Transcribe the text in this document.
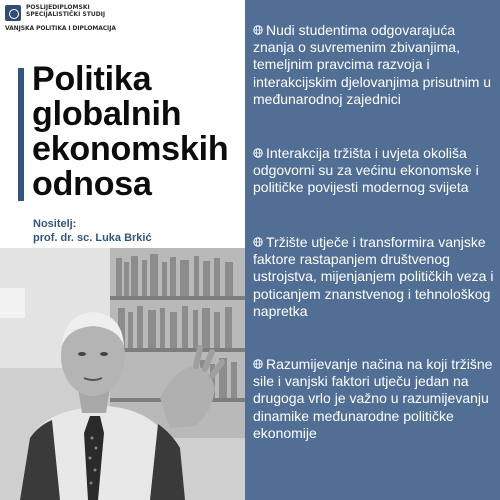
POSLIJEDIPLOMSKI
SPECIJALISTIČKI STUDIJ
VANJSKA POLITIKA I DIPLOMACIJA
Politika
globalnih
ekonomskih
odnosa
Nositelj:
prof. dr. sc. Luka Brkić
Nudi studentima odgovarajuća znanja o suvremenim zbivanjima, temeljnim pravcima razvoja i interakcijskim djelovanjima prisutnim u međunarodnoj zajednici
Interakcija tržišta i uvjeta okoliša odgovorni su za većinu ekonomske i političke povijesti modernog svijeta
Tržište utječe i transformira vanjske faktore rastapanjem društvenog ustrojstva, mijenjanjem političkih veza i poticanjem znanstvenog i tehnološkog napretka
Razumijevanje načina na koji tržišne sile i vanjski faktori utječu jedan na drugoga vrlo je važno u razumijevanju dinamike međunarodne političke ekonomije
